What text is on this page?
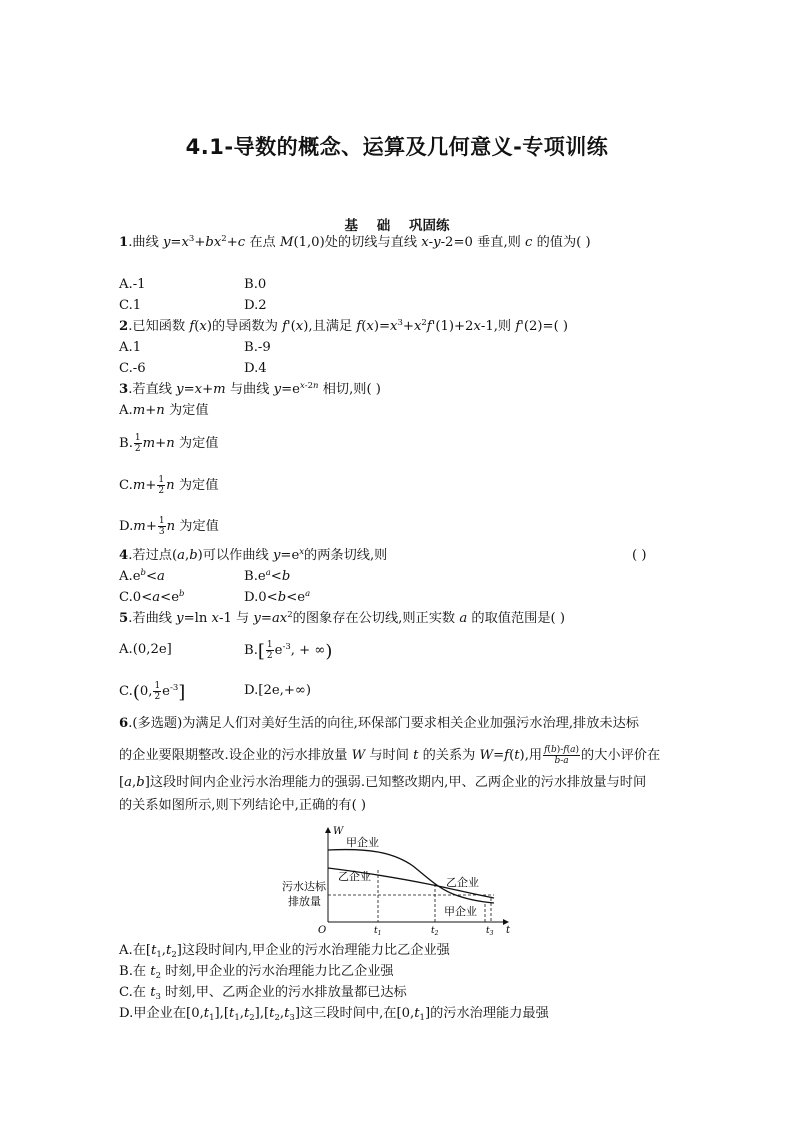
4.1-导数的概念、运算及几何意义-专项训练
基 础 巩固练
1.曲线 $y=x^3+bx^2+c$ 在点 M(1,0)处的切线与直线 x-y-2=0 垂直,则 c 的值为( )
A.-1	B.0
C.1	D.2
2.已知函数 f(x)的导函数为 f'(x),且满足 $f(x)=x^3+x^2f'(1)+2x-1$,则 f'(2)=( )
A.1	B.-9
C.-6	D.4
3.若直线 y=x+m 与曲线 $y=e^{x-2n}$ 相切,则( )
A.m+n 为定值
B. $\frac{1}{2} m+n$ 为定值
$C.m+ \frac{1}{2}$ n 为定值
$D.m+ \frac{1}{3}$ n 为定值
4.若过点(a,b)可以作曲线 $y=e^x$的两条切线,则	( )
$A.e^b<a$	$B.e^a<b$
$C.0<a<e^b$	$D.0<b<e^a$
5.若曲线 y=ln x-1 与 $y=ax^2$的图象存在公切线,则正实数 a 的取值范围是( )
A.(0,2e]	$B.[ \frac{1}{2} e^{-3}$, + ∞)
C.(0, $\frac{1}{2} e^{-3}$]	D.[2e,+∞)
6.(多选题)为满足人们对美好生活的向往,环保部门要求相关企业加强污水治理,排放未达标
的企业要限期整改.设企业的污水排放量 W 与时间 t 的关系为 W=f(t),用 $\frac{f(b)-f(a)}{b-a}$ 的大小评价在
[a,b]这段时间内企业污水治理能力的强弱.已知整改期内,甲、乙两企业的污水排放量与时间
的关系如图所示,则下列结论中,正确的有( )
W
t
O
甲企业
乙企业	乙企业
甲企业
污水达标
排放量
$t_1$	$t_2$	$t_3$
A.在$[t_1,t_2]$这段时间内,甲企业的污水治理能力比乙企业强
B.在 $t_2$ 时刻,甲企业的污水治理能力比乙企业强
C.在 $t_3$ 时刻,甲、乙两企业的污水排放量都已达标
D.甲企业在$[0,t_1],[t_1,t_2],[t_2,t_3]$这三段时间中,在$[0,t_1]$的污水治理能力最强
